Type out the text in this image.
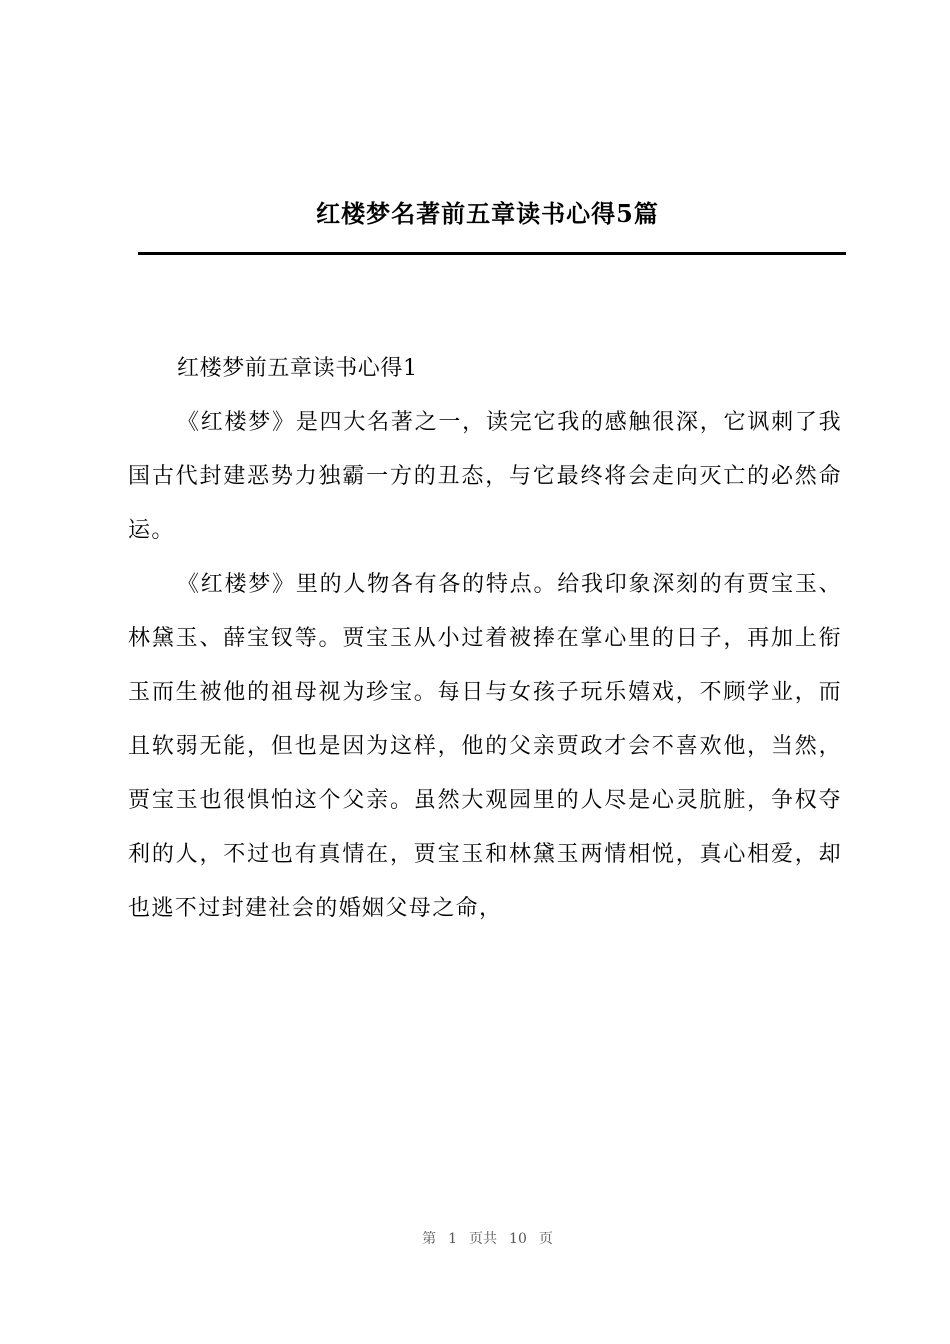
红楼梦名著前五章读书心得5篇

红楼梦前五章读书心得1

《红楼梦》是四大名著之一，读完它我的感触很深，它讽刺了我国古代封建恶势力独霸一方的丑态，与它最终将会走向灭亡的必然命运。

《红楼梦》里的人物各有各的特点。给我印象深刻的有贾宝玉、林黛玉、薛宝钗等。贾宝玉从小过着被捧在掌心里的日子，再加上衔玉而生被他的祖母视为珍宝。每日与女孩子玩乐嬉戏，不顾学业，而且软弱无能，但也是因为这样，他的父亲贾政才会不喜欢他，当然，贾宝玉也很惧怕这个父亲。虽然大观园里的人尽是心灵肮脏，争权夺利的人，不过也有真情在，贾宝玉和林黛玉两情相悦，真心相爱，却也逃不过封建社会的婚姻父母之命，

第 1 页共 10 页
